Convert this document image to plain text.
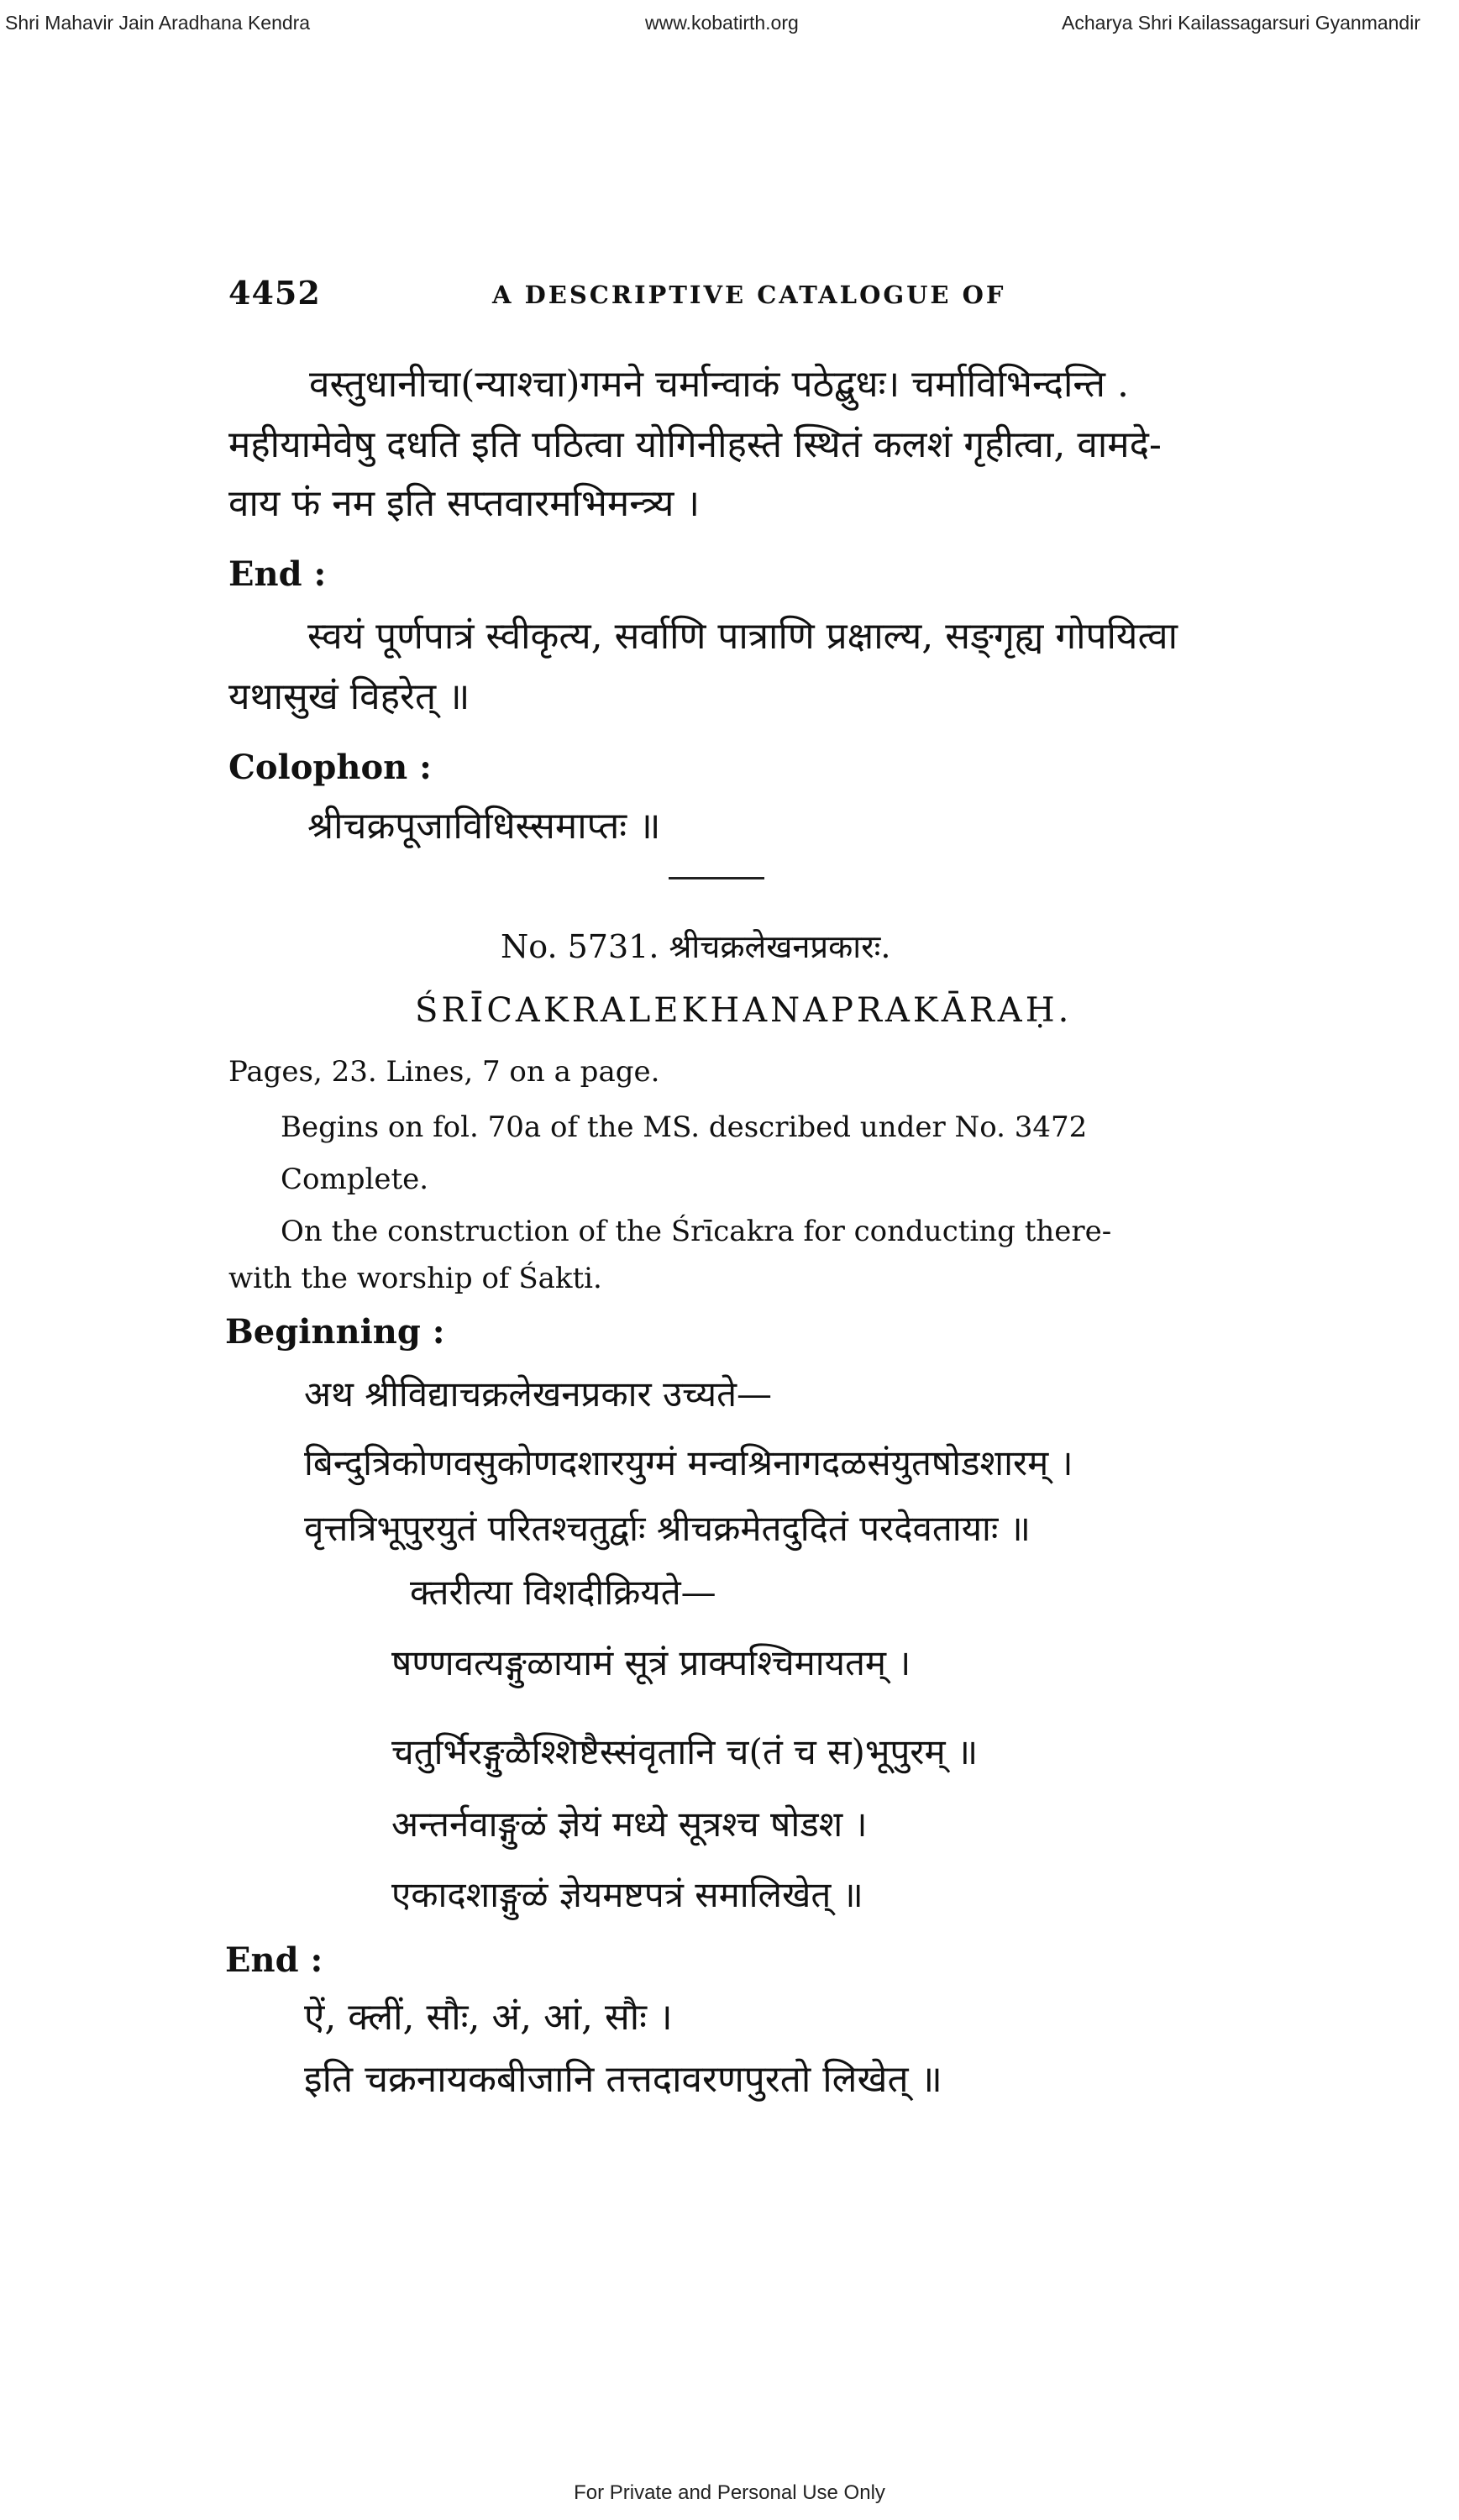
Shri Mahavir Jain Aradhana Kendra	www.kobatirth.org	Acharya Shri Kailassagarsuri Gyanmandir
4452	A DESCRIPTIVE CATALOGUE OF
वस्तुधानीचा(न्याश्चा)गमने चर्मान्वाकं पठेद्बुधः। चर्माविभिन्दन्ति .
महीयामेवेषु दधति इति पठित्वा योगिनीहस्ते स्थितं कलशं गृहीत्वा, वामदे-
वाय फं नम इति सप्तवारमभिमन्त्र्य ।
End :
स्वयं पूर्णपात्रं स्वीकृत्य, सर्वाणि पात्राणि प्रक्षाल्य, सङ्गृह्य गोपयित्वा
यथासुखं विहरेत् ॥
Colophon :
श्रीचक्रपूजाविधिस्समाप्तः ॥
No. 5731. श्रीचक्रलेखनप्रकारः.
ŚRĪCAKRALEKHANAPRAKĀRAḤ.
Pages, 23. Lines, 7 on a page.
Begins on fol. 70a of the MS. described under No. 3472
Complete.
On the construction of the Śrīcakra for conducting there-
with the worship of Śakti.
Beginning :
अथ श्रीविद्याचक्रलेखनप्रकार उच्यते—
बिन्दुत्रिकोणवसुकोणदशारयुग्मं मन्वश्रिनागदळसंयुतषोडशारम् ।
वृत्तत्रिभूपुरयुतं परितश्चतुर्द्वाः श्रीचक्रमेतदुदितं परदेवतायाः ॥
क्तरीत्या विशदीक्रियते—
षण्णवत्यङ्गुळायामं सूत्रं प्राक्पश्चिमायतम् ।
चतुर्भिरङ्गुळैश्शिष्टैस्संवृतानि च(तं च स)भूपुरम् ॥
अन्तर्नवाङ्गुळं ज्ञेयं मध्ये सूत्रश्च षोडश ।
एकादशाङ्गुळं ज्ञेयमष्टपत्रं समालिखेत् ॥
End :
ऐं, क्लीं, सौः, अं, आं, सौः ।
इति चक्रनायकबीजानि तत्तदावरणपुरतो लिखेत् ॥
For Private and Personal Use Only
